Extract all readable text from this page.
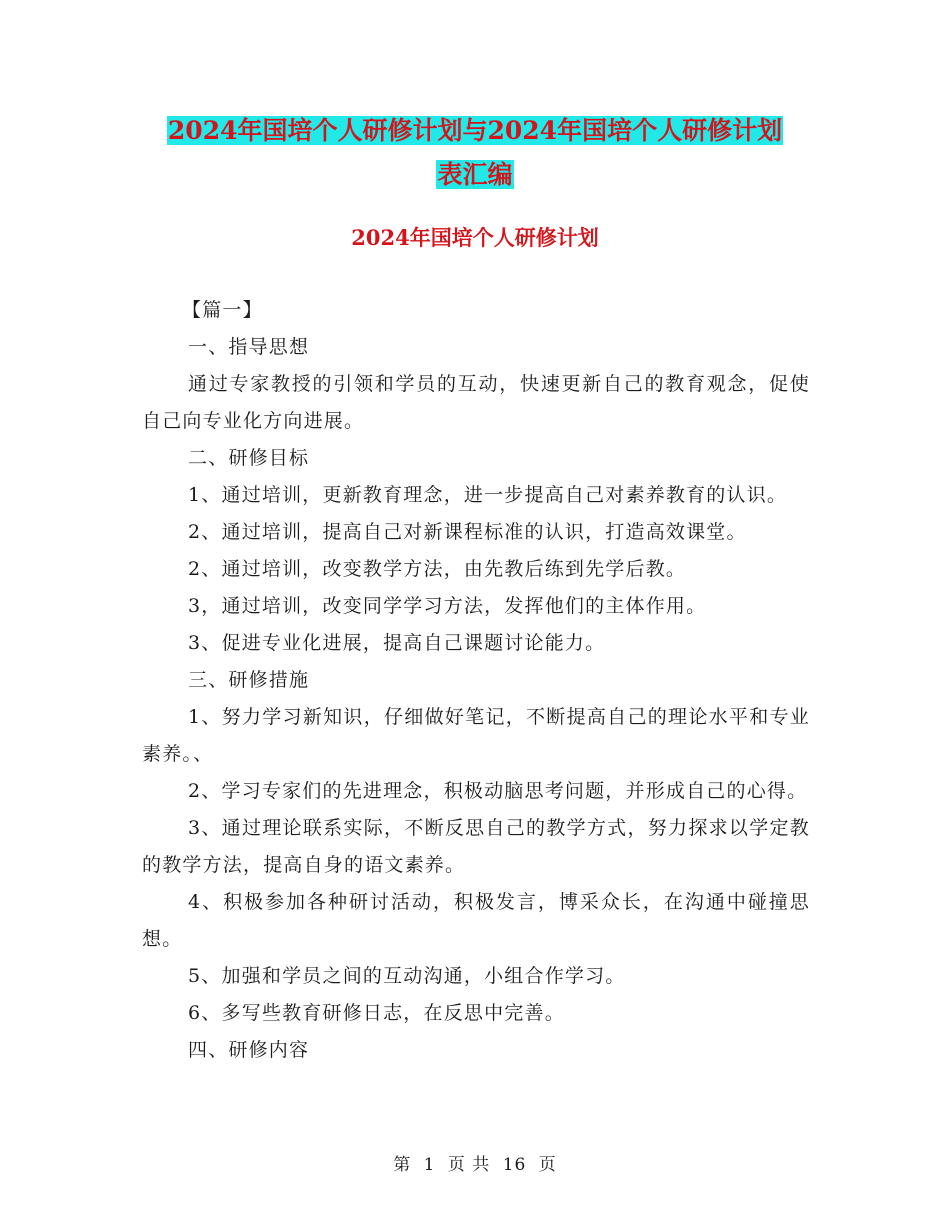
2024年国培个人研修计划与2024年国培个人研修计划
表汇编
2024年国培个人研修计划

【篇一】

一、指导思想

通过专家教授的引领和学员的互动，快速更新自己的教育观念，促使自己向专业化方向进展。

二、研修目标

1、通过培训，更新教育理念，进一步提高自己对素养教育的认识。

2、通过培训，提高自己对新课程标准的认识，打造高效课堂。

2、通过培训，改变教学方法，由先教后练到先学后教。

3，通过培训，改变同学学习方法，发挥他们的主体作用。

3、促进专业化进展，提高自己课题讨论能力。

三、研修措施

1、努力学习新知识，仔细做好笔记，不断提高自己的理论水平和专业素养。、

2、学习专家们的先进理念，积极动脑思考问题，并形成自己的心得。

3、通过理论联系实际，不断反思自己的教学方式，努力探求以学定教的教学方法，提高自身的语文素养。

4、积极参加各种研讨活动，积极发言，博采众长，在沟通中碰撞思想。

5、加强和学员之间的互动沟通，小组合作学习。

6、多写些教育研修日志，在反思中完善。

四、研修内容

第 1 页 共 16 页
